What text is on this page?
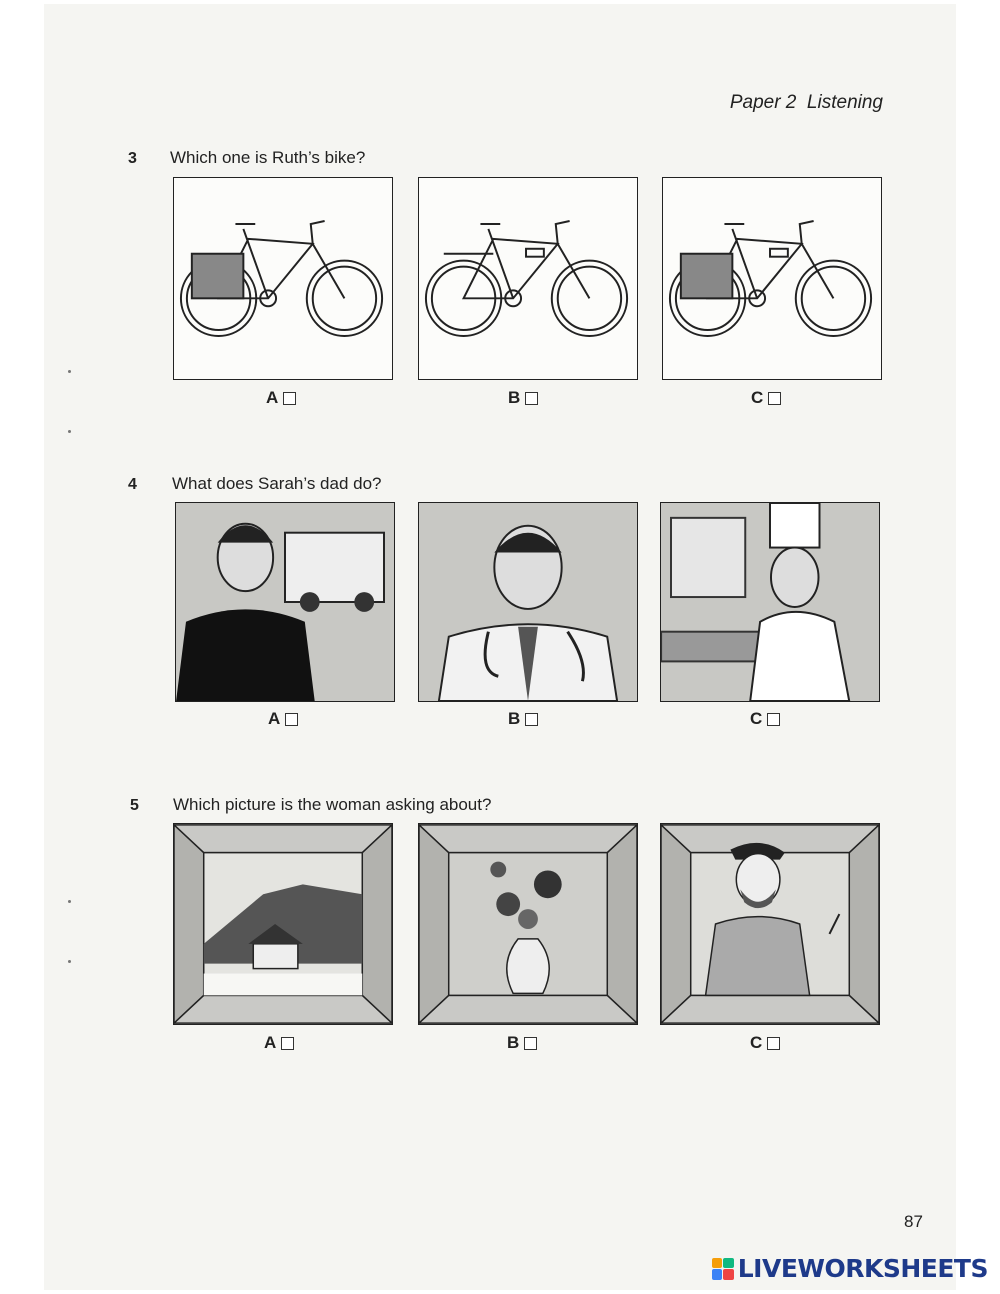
Paper 2  Listening
3 Which one is Ruth’s bike?
A	B	C
4 What does Sarah’s dad do?
A	B	C
5 Which picture is the woman asking about?
A	B	C
87
LIVEWORKSHEETS
